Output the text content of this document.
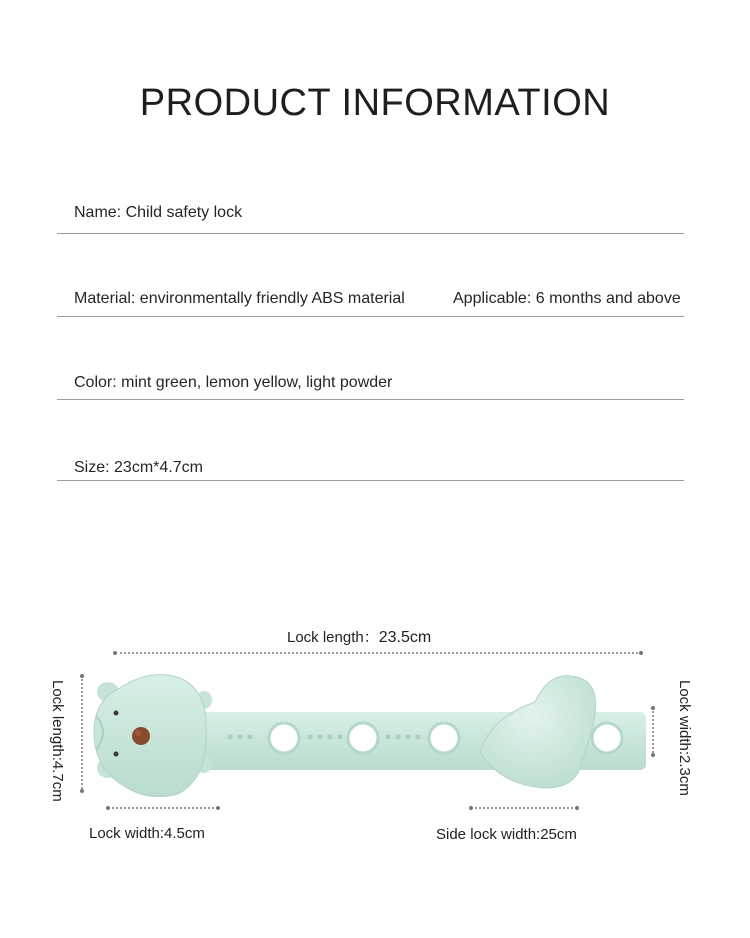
PRODUCT INFORMATION
Name: Child safety lock
Material: environmentally friendly ABS material	Applicable: 6 months and above
Color: mint green, lemon yellow, light powder
Size: 23cm*4.7cm
Lock length：23.5cm
Lock length:4.7cm	Lock width:2.3cm
Lock width:4.5cm	Side lock width:25cm
